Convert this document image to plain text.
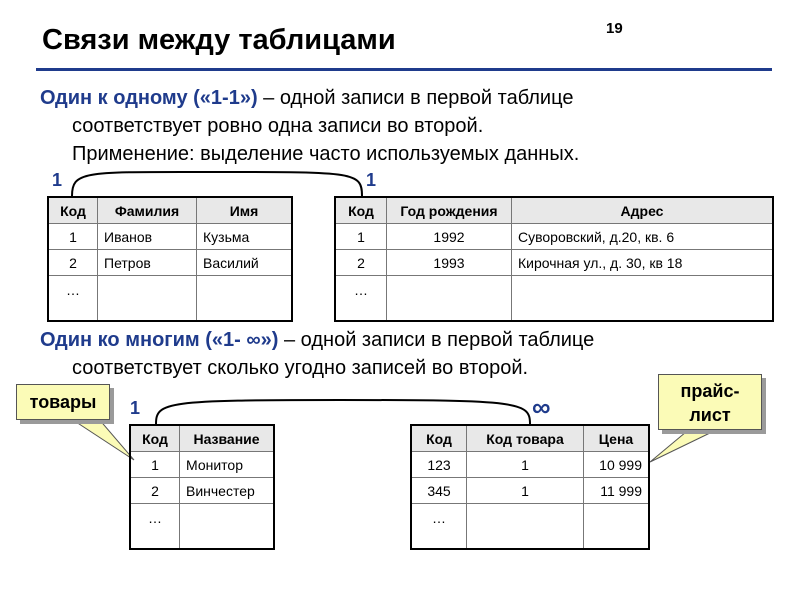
Связи между таблицами	19
Один к одному («1-1») – одной записи в первой таблице
соответствует ровно одна записи во второй.
Применение: выделение часто используемых данных.
1	1
Код	Фамилия	Имя
1	Иванов	Кузьма
2	Петров	Василий
…		
Код	Год рождения	Адрес
1	1992	Суворовский, д.20, кв. 6
2	1993	Кирочная ул., д. 30, кв 18
…		
Один ко многим («1- ∞») – одной записи в первой таблице
соответствует сколько угодно записей во второй.
1	∞
товары
прайс-
лист
Код	Название
1	Монитор
2	Винчестер
…	
Код	Код товара	Цена
123	1	10 999
345	1	11 999
…		
